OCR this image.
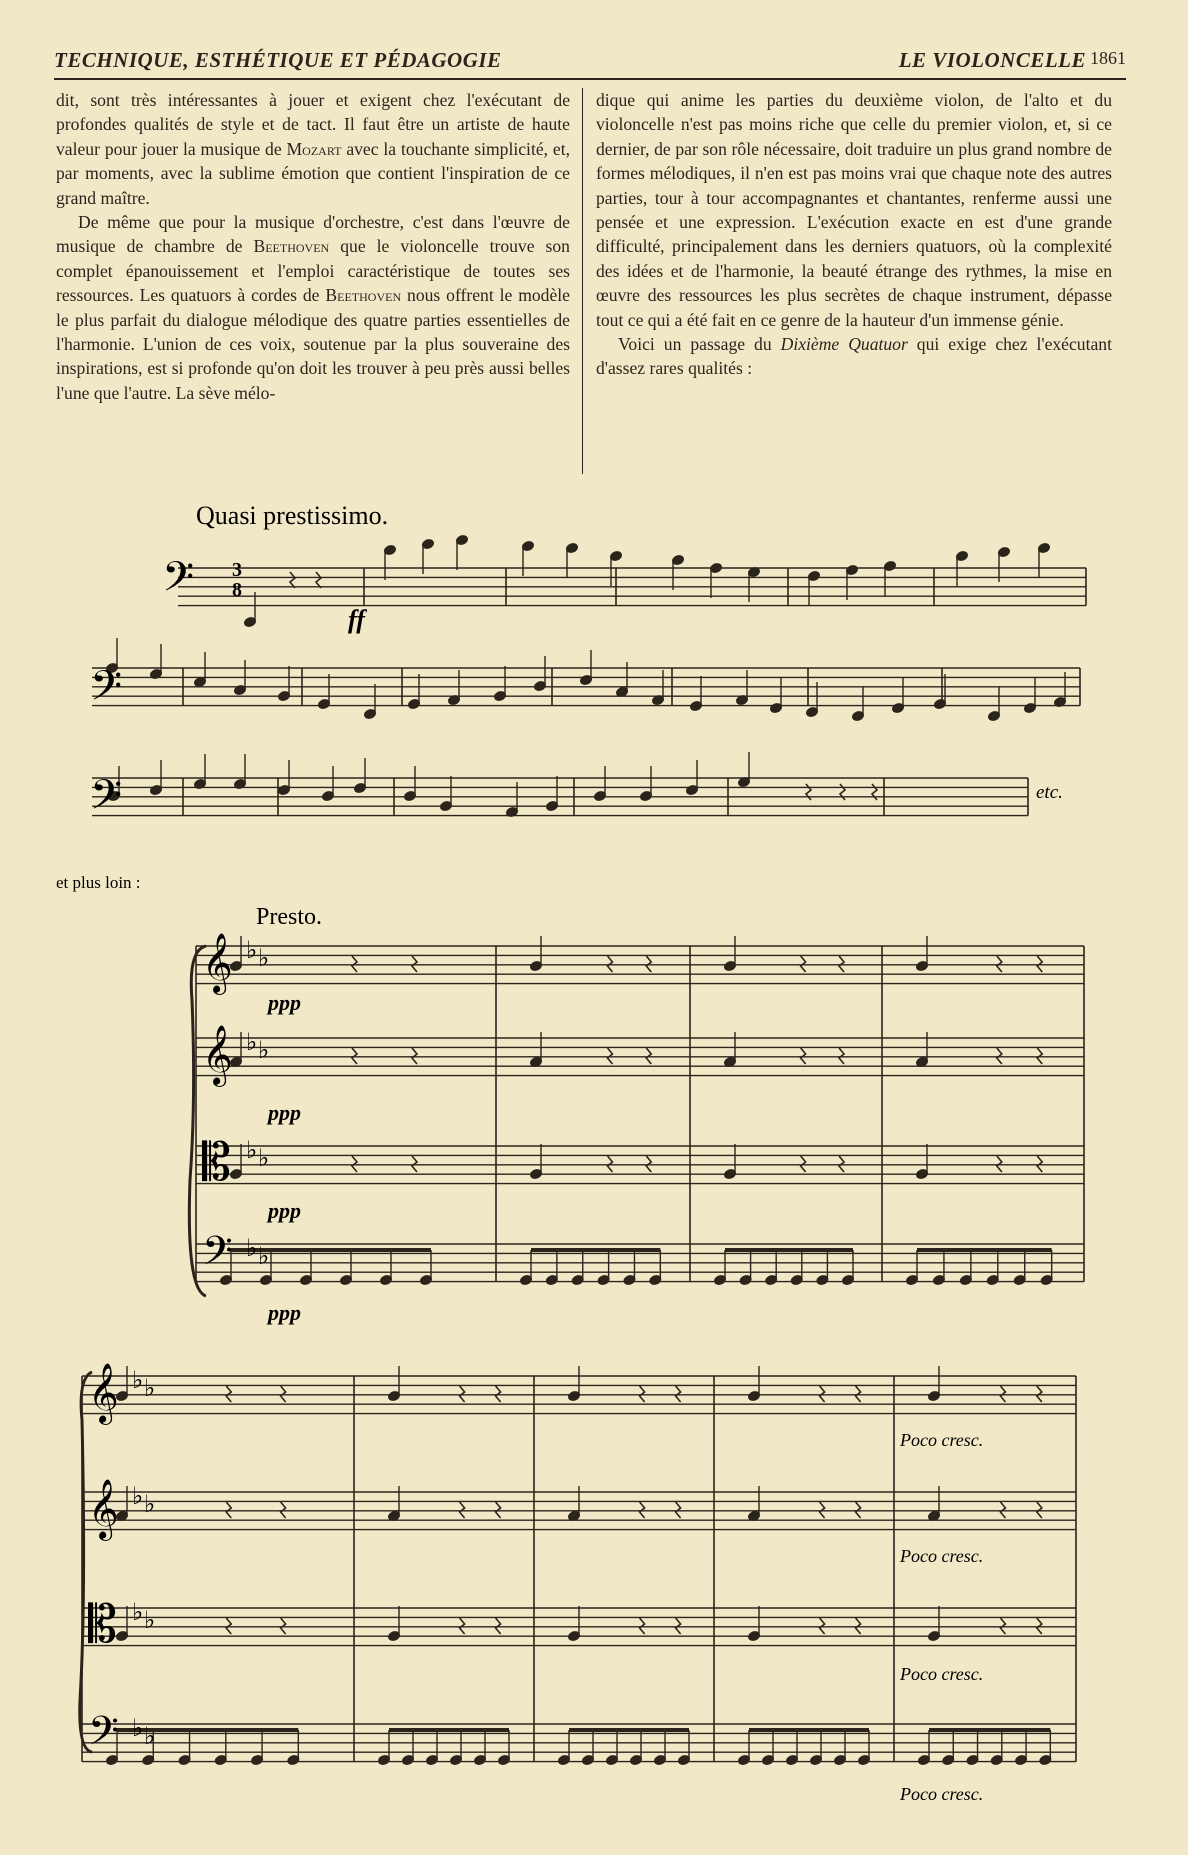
TECHNIQUE, ESTHÉTIQUE ET PÉDAGOGIE	LE VIOLONCELLE 1861

dit, sont très intéressantes à jouer et exigent chez l'exécutant de profondes qualités de style et de tact. Il faut être un artiste de haute valeur pour jouer la musique de Mozart avec la touchante simplicité, et, par moments, avec la sublime émotion que contient l'inspiration de ce grand maître.

De même que pour la musique d'orchestre, c'est dans l'œuvre de musique de chambre de Beethoven que le violoncelle trouve son complet épanouissement et l'emploi caractéristique de toutes ses ressources. Les quatuors à cordes de Beethoven nous offrent le modèle le plus parfait du dialogue mélodique des quatre parties essentielles de l'harmonie. L'union de ces voix, soutenue par la plus souveraine des inspirations, est si profonde qu'on doit les trouver à peu près aussi belles l'une que l'autre. La sève mélo-

dique qui anime les parties du deuxième violon, de l'alto et du violoncelle n'est pas moins riche que celle du premier violon, et, si ce dernier, de par son rôle nécessaire, doit traduire un plus grand nombre de formes mélodiques, il n'en est pas moins vrai que chaque note des autres parties, tour à tour accompagnantes et chantantes, renferme aussi une pensée et une expression. L'exécution exacte en est d'une grande difficulté, principalement dans les derniers quatuors, où la complexité des idées et de l'harmonie, la beauté étrange des rythmes, la mise en œuvre des ressources les plus secrètes de chaque instrument, dépasse tout ce qui a été fait en ce genre de la hauteur d'un immense génie.

Voici un passage du Dixième Quatuor qui exige chez l'exécutant d'assez rares qualités :

Quasi prestissimo.
𝄢 3
8
ff
𝄢
𝄢	etc.
et plus loin :
Presto.
𝄞 ♭ ♭
𝄞 ♭ ♭
𝄡 ♭ ♭
𝄢 ♭ ♭
𝄞 ♭ ♭
𝄞 ♭ ♭
𝄡 ♭ ♭
𝄢 ♭ ♭
ppp
ppp
ppp
ppp
Poco cresc.
Poco cresc.
Poco cresc.
Poco cresc.
